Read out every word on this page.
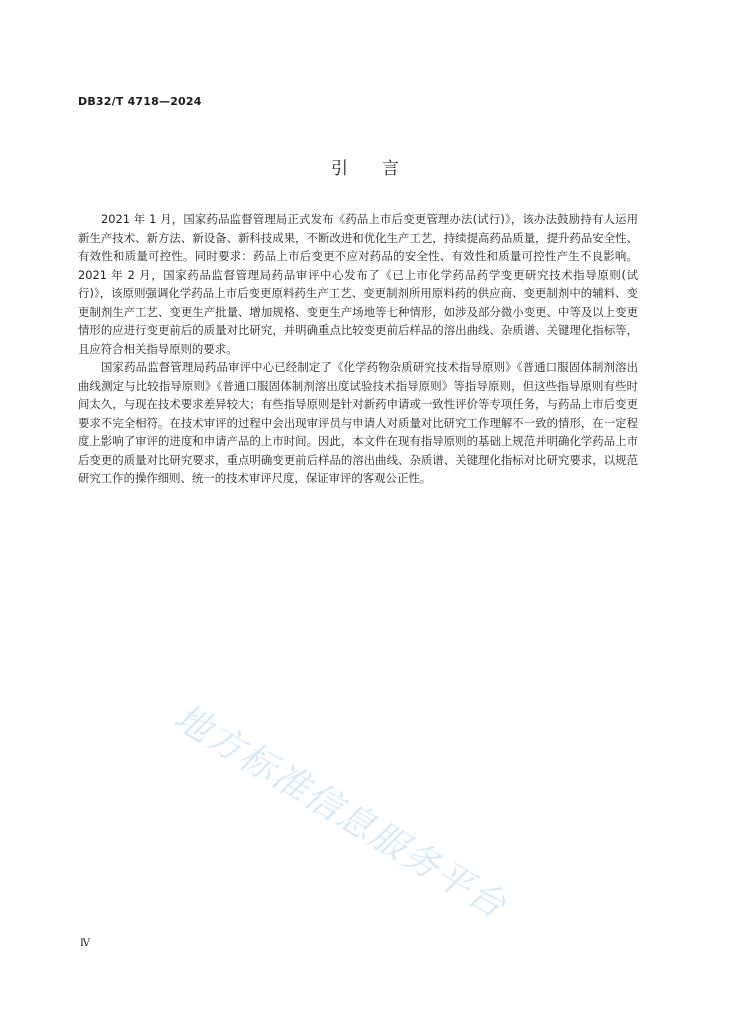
DB32/T 4718—2024
引言

2021 年 1 月，国家药品监督管理局正式发布《药品上市后变更管理办法(试行)》，该办法鼓励持有人运用新生产技术、新方法、新设备、新科技成果，不断改进和优化生产工艺，持续提高药品质量，提升药品安全性、有效性和质量可控性。同时要求：药品上市后变更不应对药品的安全性、有效性和质量可控性产生不良影响。2021 年 2 月，国家药品监督管理局药品审评中心发布了《已上市化学药品药学变更研究技术指导原则(试行)》，该原则强调化学药品上市后变更原料药生产工艺、变更制剂所用原料药的供应商、变更制剂中的辅料、变更制剂生产工艺、变更生产批量、增加规格、变更生产场地等七种情形，如涉及部分微小变更、中等及以上变更情形的应进行变更前后的质量对比研究，并明确重点比较变更前后样品的溶出曲线、杂质谱、关键理化指标等，且应符合相关指导原则的要求。

国家药品监督管理局药品审评中心已经制定了《化学药物杂质研究技术指导原则》《普通口服固体制剂溶出曲线测定与比较指导原则》《普通口服固体制剂溶出度试验技术指导原则》等指导原则，但这些指导原则有些时间太久，与现在技术要求差异较大；有些指导原则是针对新药申请或一致性评价等专项任务，与药品上市后变更要求不完全相符。在技术审评的过程中会出现审评员与申请人对质量对比研究工作理解不一致的情形，在一定程度上影响了审评的进度和申请产品的上市时间。因此，本文件在现有指导原则的基础上规范并明确化学药品上市后变更的质量对比研究要求，重点明确变更前后样品的溶出曲线、杂质谱、关键理化指标对比研究要求，以规范研究工作的操作细则、统一的技术审评尺度，保证审评的客观公正性。

地方标准信息服务平台
Ⅳ
